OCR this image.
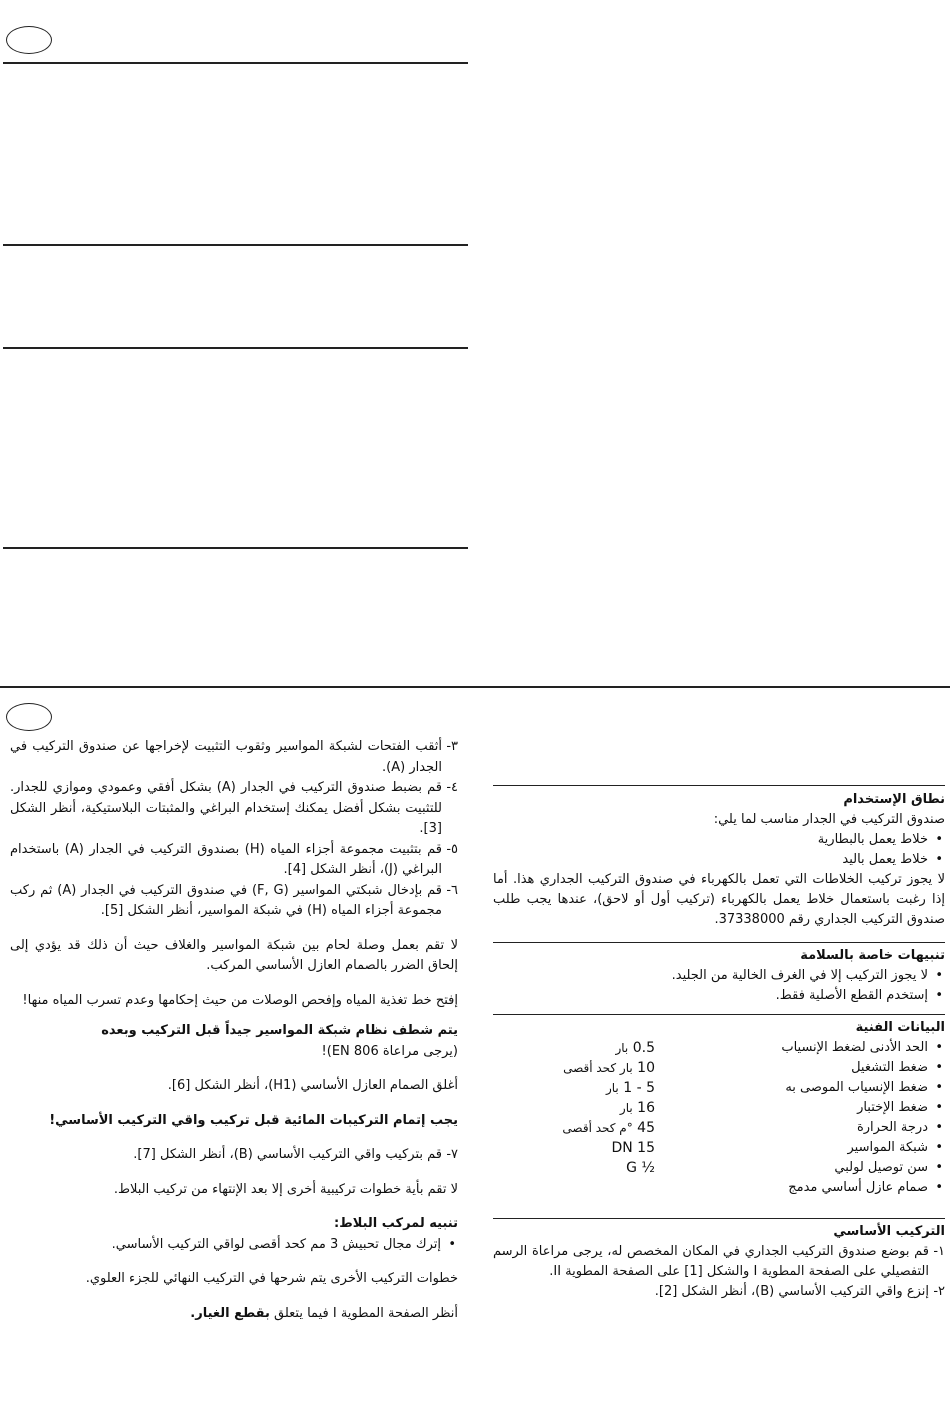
٣-
أثقب الفتحات لشبكة المواسير وثقوب التثبيت لإخراجها عن صندوق التركيب في الجدار (A).
٤-
قم بضبط صندوق التركيب في الجدار (A) بشكل أفقي وعمودي وموازي للجدار. للتثبيت بشكل أفضل يمكنك إستخدام البراغي والمثبتات البلاستيكية، أنظر الشكل [3].
٥-
قم بتثبيت مجموعة أجزاء المياه (H) بصندوق التركيب في الجدار (A) باستخدام البراغي (J)، أنظر الشكل [4].
٦-
قم بإدخال شبكتي المواسير (F, G) في صندوق التركيب في الجدار (A) ثم ركب مجموعة أجزاء المياه (H) في شبكة المواسير، أنظر الشكل [5].

لا تقم بعمل وصلة لحام بين شبكة المواسير والغلاف حيث أن ذلك قد يؤدي إلى إلحاق الضرر بالصمام العازل الأساسي المركب.

إفتح خط تغذية المياه وإفحص الوصلات من حيث إحكامها وعدم تسرب المياه منها!

يتم شطف نظام شبكة المواسير جيداً قبل التركيب وبعده

(يرجى مراعاة EN 806)!

أغلق الصمام العازل الأساسي (H1)، أنظر الشكل [6].

يجب إتمام التركيبات المائية قبل تركيب واقي التركيب الأساسي!

٧-
قم بتركيب واقي التركيب الأساسي (B)، أنظر الشكل [7].

لا تقم بأية خطوات تركيبية أخرى إلا بعد الإنتهاء من تركيب البلاط.

تنبيه لمركب البلاط:

• إترك مجال تحبيش 3 مم كحد أقصى لواقي التركيب الأساسي.

خطوات التركيب الأخرى يتم شرحها في التركيب النهائي للجزء العلوي.

أنظر الصفحة المطوية I فيما يتعلق بقطع الغيار.

نطاق الإستخدام

صندوق التركيب في الجدار مناسب لما يلي:

• خلاط يعمل بالبطارية
• خلاط يعمل باليد

لا يجوز تركيب الخلاطات التي تعمل بالكهرباء في صندوق التركيب الجداري هذا. أما إذا رغبت باستعمال خلاط يعمل بالكهرباء (تركيب أول أو لاحق)، عندها يجب طلب صندوق التركيب الجداري رقم 37338000.

تنبيهات خاصة بالسلامة

• لا يجوز التركيب إلا في الغرف الخالية من الجليد.
• إستخدم القطع الأصلية فقط.

البيانات الفنية

• الحد الأدنى لضغط الإنسياب
0.5 بار
• ضغط التشغيل
10 بار كحد أقصى
• ضغط الإنسياب الموصى به
1 - 5 بار
• ضغط الإختبار
16 بار
• درجة الحرارة
45 °م كحد أقصى
• شبكة المواسير
DN 15
• سن توصيل لولبي
G ½
• صمام عازل أساسي مدمج

التركيب الأساسي

١-
قم بوضع صندوق التركيب الجداري في المكان المخصص له، يرجى مراعاة الرسم التفصيلي على الصفحة المطوية I والشكل [1] على الصفحة المطوية II.
٢-
إنزع واقي التركيب الأساسي (B)، أنظر الشكل [2].
